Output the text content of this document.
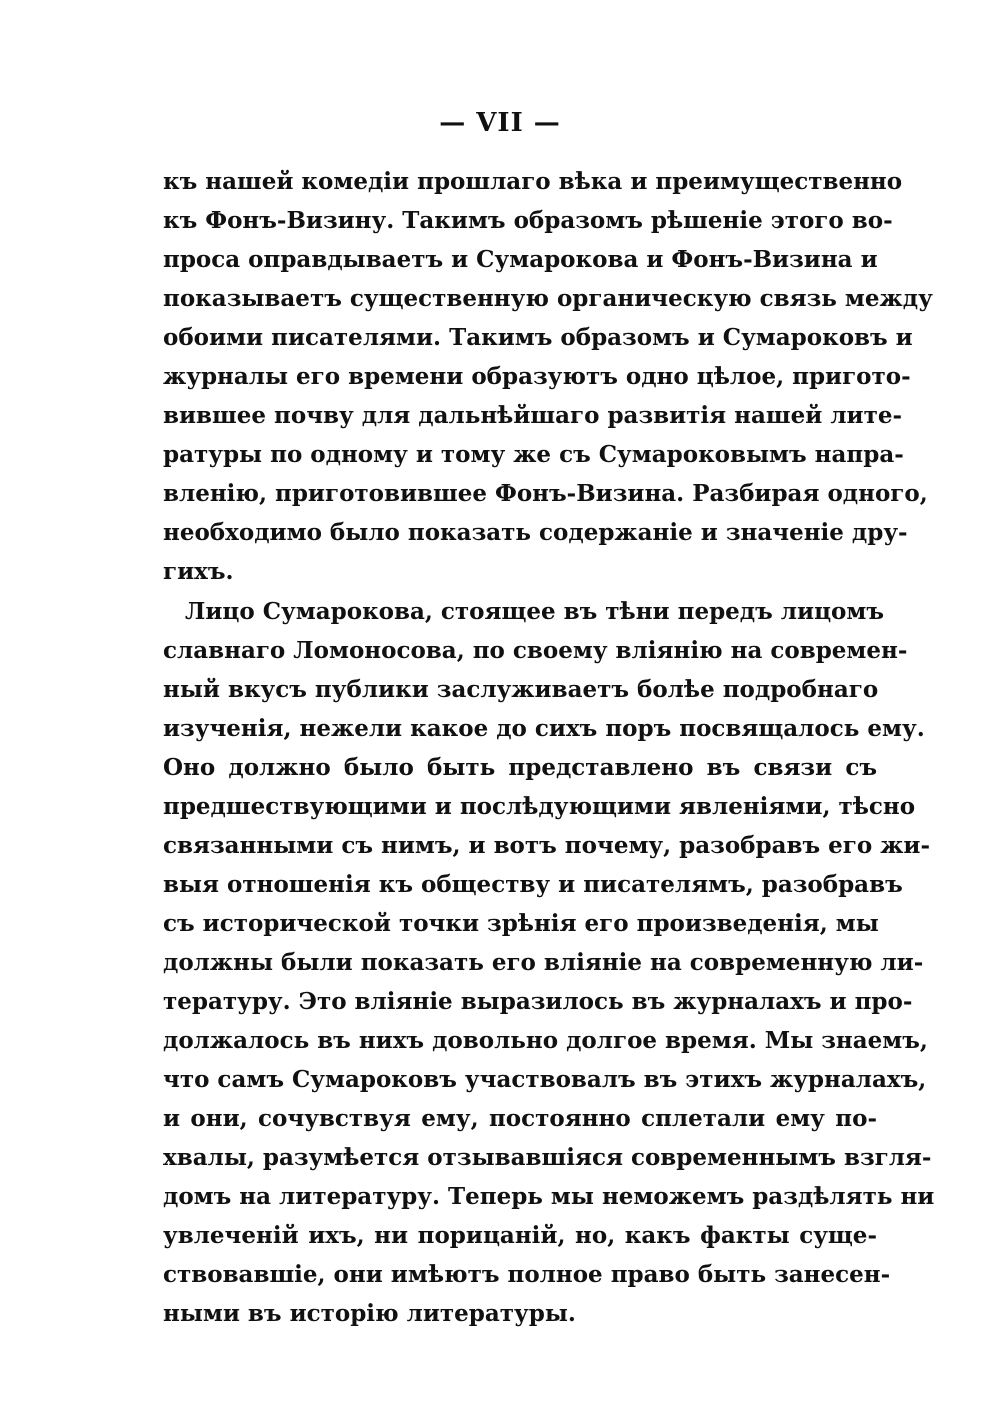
— VII —
къ нашей комедіи прошлаго вѣка и преимущественно
къ Фонъ-Визину. Такимъ образомъ рѣшеніе этого во-
проса оправдываетъ и Сумарокова и Фонъ-Визина и
показываетъ существенную органическую связь между
обоими писателями. Такимъ образомъ и Сумароковъ и
журналы его времени образуютъ одно цѣлое, пригото-
вившее почву для дальнѣйшаго развитія нашей лите-
ратуры по одному и тому же съ Сумароковымъ напра-
вленію, приготовившее Фонъ-Визина. Разбирая одного,
необходимо было показать содержаніе и значеніе дру-
гихъ.
Лицо Сумарокова, стоящее въ тѣни передъ лицомъ
славнаго Ломоносова, по своему вліянію на современ-
ный вкусъ публики заслуживаетъ болѣе подробнаго
изученія, нежели какое до сихъ поръ посвящалось ему.
Оно должно было быть представлено въ связи съ
предшествующими и послѣдующими явленіями, тѣсно
связанными съ нимъ, и вотъ почему, разобравъ его жи-
выя отношенія къ обществу и писателямъ, разобравъ
съ исторической точки зрѣнія его произведенія, мы
должны были показать его вліяніе на современную ли-
тературу. Это вліяніе выразилось въ журналахъ и про-
должалось въ нихъ довольно долгое время. Мы знаемъ,
что самъ Сумароковъ участвовалъ въ этихъ журналахъ,
и они, сочувствуя ему, постоянно сплетали ему по-
хвалы, разумѣется отзывавшіяся современнымъ взгля-
домъ на литературу. Теперь мы неможемъ раздѣлять ни
увлеченій ихъ, ни порицаній, но, какъ факты суще-
ствовавшіе, они имѣютъ полное право быть занесен-
ными въ исторію литературы.
